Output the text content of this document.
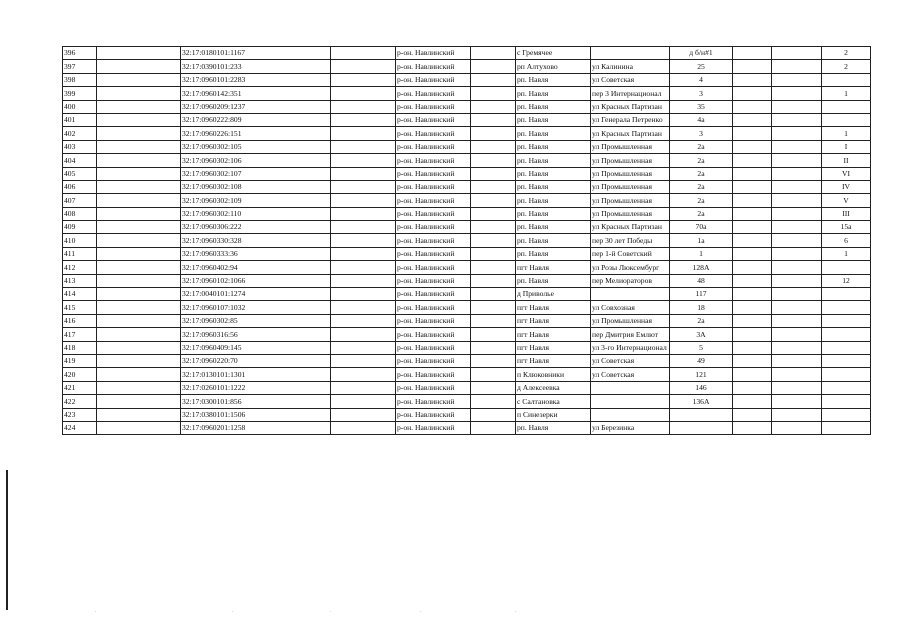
396		32:17:0180101:1167		р-он. Навлинский		с Гремячее		д б/н#1			2
397		32:17:0390101:233		р-он. Навлинский		рп Алтухово	ул Калинина	25			2
398		32:17:0960101:2283		р-он. Навлинский		рп. Навля	ул Советская	4			
399		32:17:0960142:351		р-он. Навлинский		рп. Навля	пер 3 Интернационал	3			1
400		32:17:0960209:1237		р-он. Навлинский		рп. Навля	ул Красных Партизан	35			
401		32:17:0960222:809		р-он. Навлинский		рп. Навля	ул Генерала Петренко	4а			
402		32:17:0960226:151		р-он. Навлинский		рп. Навля	ул Красных Партизан	3			1
403		32:17:0960302:105		р-он. Навлинский		рп. Навля	ул Промышленная	2а			I
404		32:17:0960302:106		р-он. Навлинский		рп. Навля	ул Промышленная	2а			II
405		32:17:0960302:107		р-он. Навлинский		рп. Навля	ул Промышленная	2а			VI
406		32:17:0960302:108		р-он. Навлинский		рп. Навля	ул Промышленная	2а			IV
407		32:17:0960302:109		р-он. Навлинский		рп. Навля	ул Промышленная	2а			V
408		32:17:0960302:110		р-он. Навлинский		рп. Навля	ул Промышленная	2а			III
409		32:17:0960306:222		р-он. Навлинский		рп. Навля	ул Красных Партизан	70а			15а
410		32:17:0960330:328		р-он. Навлинский		рп. Навля	пер 30 лет Победы	1а			6
411		32:17:0960333:36		р-он. Навлинский		рп. Навля	пер 1-й Советский	1			1
412		32:17:0960402:94		р-он. Навлинский		пгт Навля	ул Розы Люксембург	128А			
413		32:17:0960102:1066		р-он. Навлинский		рп. Навля	пер Мелиораторов	48			12
414		32:17:0040101:1274		р-он. Навлинский		д Приволье		117			
415		32:17:0960107:1032		р-он. Навлинский		пгт Навля	ул Совхозная	18			
416		32:17:0960302:85		р-он. Навлинский		пгт Навля	ул Промышленная	2а			
417		32:17:0960316:56		р-он. Навлинский		пгт Навля	пер Дмитрия Емлют	3А			
418		32:17:0960409:145		р-он. Навлинский		пгт Навля	ул 3-го Интернационал	5			
419		32:17:0960220:70		р-он. Навлинский		пгт Навля	ул Советская	49			
420		32:17:0130101:1301		р-он. Навлинский		п Клюковники	ул Советская	121			
421		32:17:0260101:1222		р-он. Навлинский		д Алексеевка		146			
422		32:17:0300101:856		р-он. Навлинский		с Салтановка		136А			
423		32:17:0380101:1506		р-он. Навлинский		п Синезерки					
424		32:17:0960201:1258		р-он. Навлинский		рп. Навля	ул Березинка				
.	.	.	.	.
